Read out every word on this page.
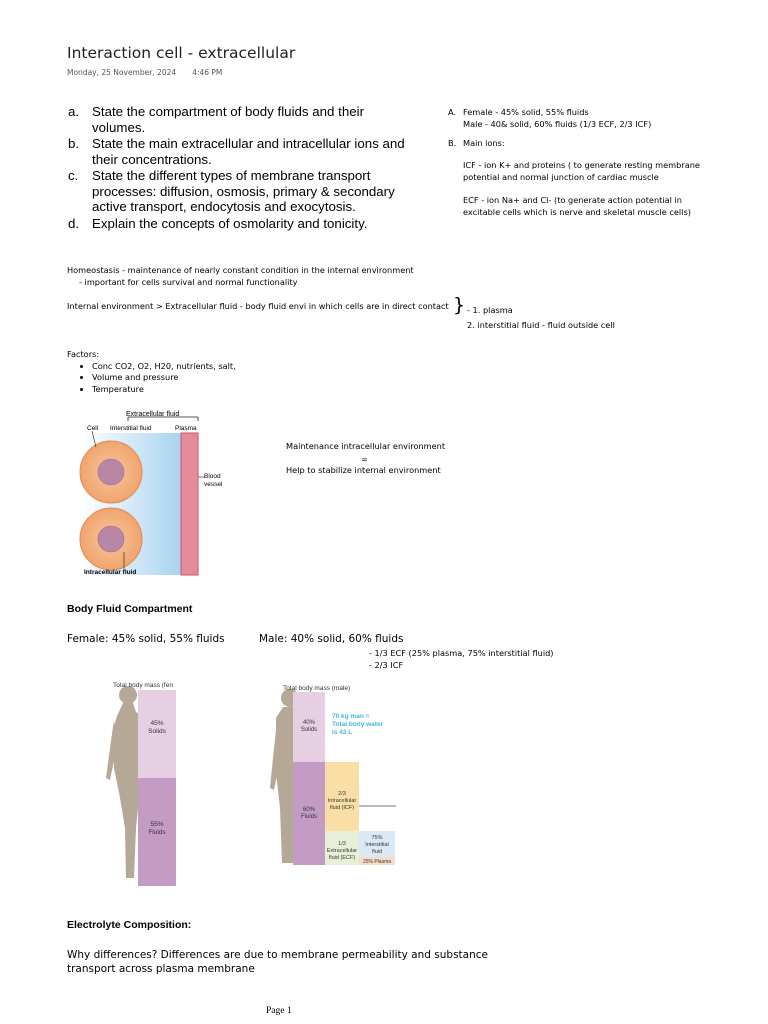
Interaction cell - extracellular
Monday, 25 November, 2024 4:46 PM
a. State the compartment of body fluids and their volumes.
b. State the main extracellular and intracellular ions and their concentrations.
c.	State the different types of membrane transport processes: diffusion, osmosis, primary & secondary active transport, endocytosis and exocytosis.
d. Explain the concepts of osmolarity and tonicity.
A. Female - 45% solid, 55% fluids
Male - 40& solid, 60% fluids (1/3 ECF, 2/3 ICF)
B. Main ions:
ICF - ion K+ and proteins ( to generate resting membrane potential and normal junction of cardiac muscle
ECF - ion Na+ and Cl- (to generate action potential in excitable cells which is nerve and skeletal muscle cells)
Homeostasis - maintenance of nearly constant condition in the internal environment
- important for cells survival and normal functionality
Internal environment > Extracellular fluid - body fluid envi in which cells are in direct contact } - 1. plasma
2. interstitial fluid - fluid outside cell
Factors:
• Conc CO2, O2, H20, nutrients, salt,
• Volume and pressure
• Temperature
Extracellular fluid
Cell Interstitial fluid	Plasma
Blood
vessel
Intracellular fluid
Maintenance intracellular environment
=
Help to stabilize internal environment
Body Fluid Compartment
Female: 45% solid, 55% fluids	Male: 40% solid, 60% fluids
- 1/3 ECF (25% plasma, 75% interstitial fluid)
- 2/3 ICF
Total body mass (fen
45%
Solids
55%
Fluids
Total body mass (male)
40%
Solids
60%
Fluids
70 kg man =
Total body water
is 42 L
2/3
Intracellular
fluid (ICF)
1/3
Extracellular
fluid (ECF)
75%
Interstitial
fluid
25% Plasma
Electrolyte Composition:
Why differences? Differences are due to membrane permeability and substance transport across plasma membrane
Page 1
